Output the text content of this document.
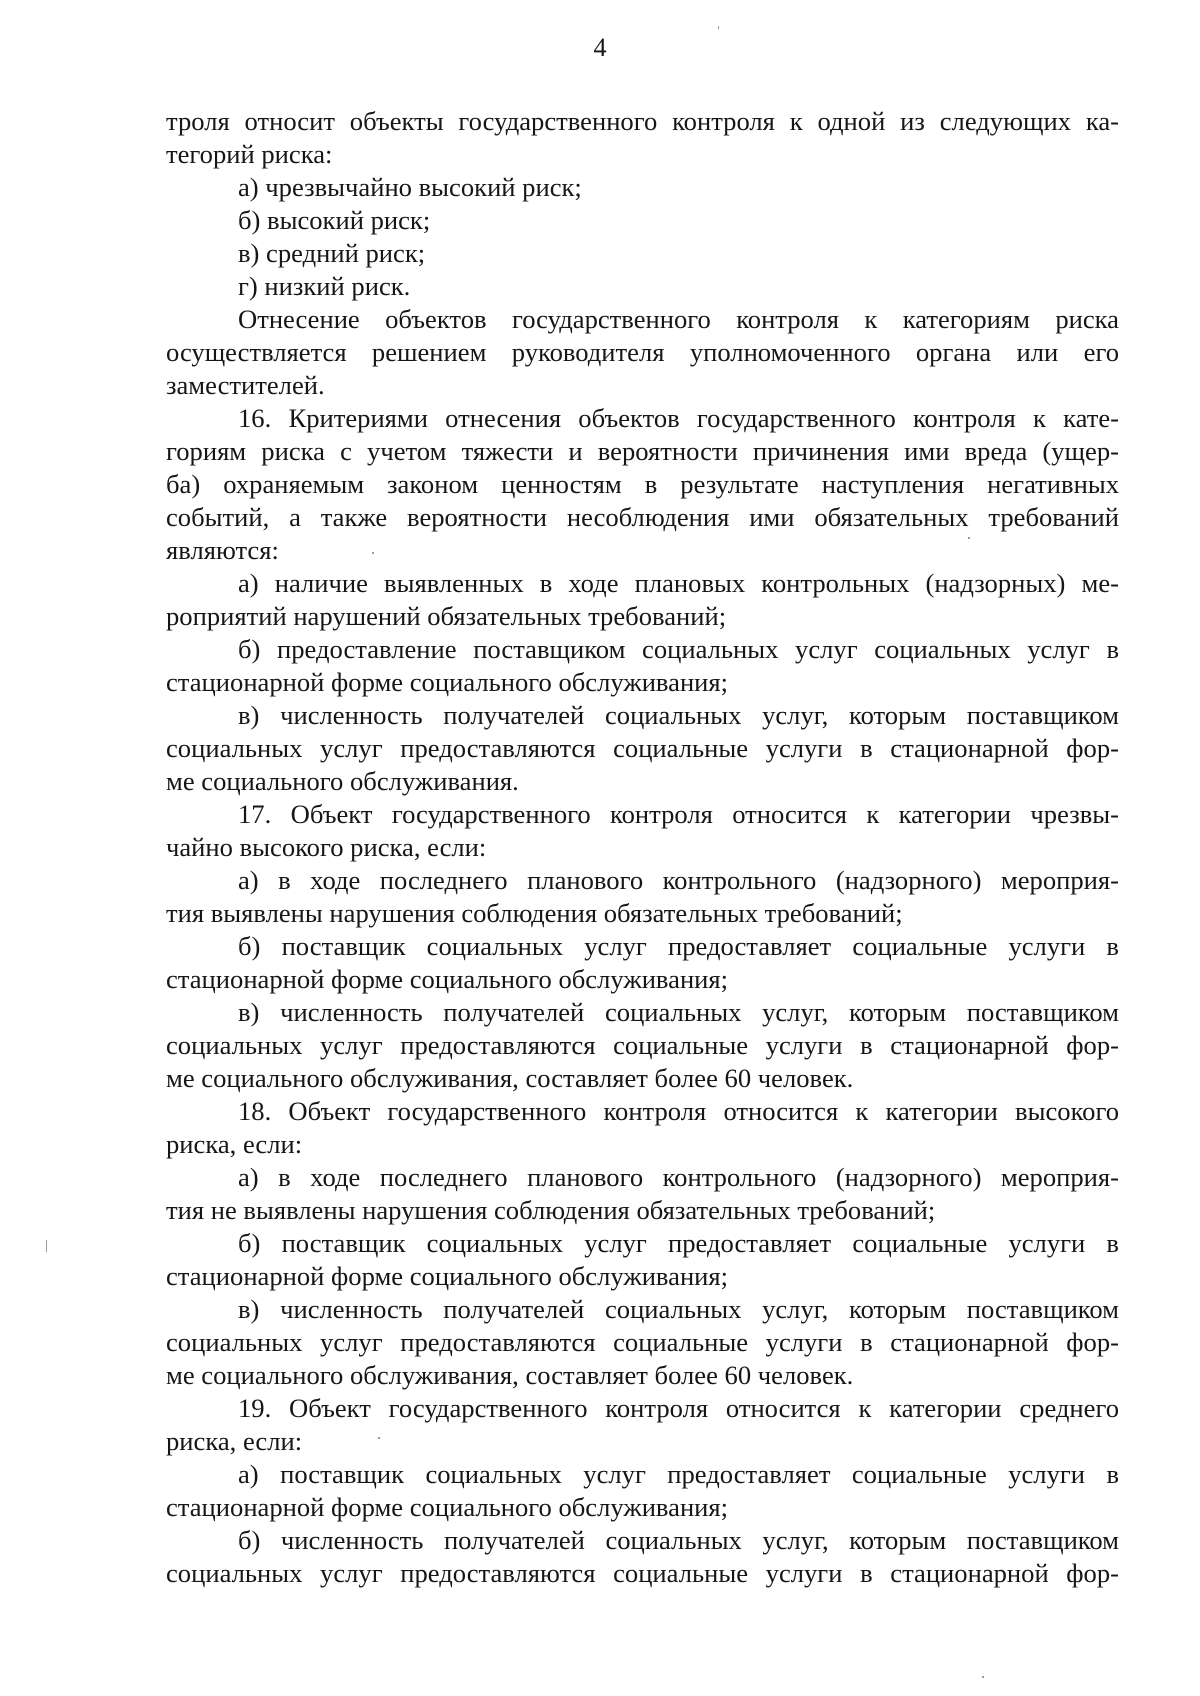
4
троля относит объекты государственного контроля к одной из следующих ка-
тегорий риска:
а) чрезвычайно высокий риск;
б) высокий риск;
в) средний риск;
г) низкий риск.
Отнесение объектов государственного контроля к категориям риска
осуществляется решением руководителя уполномоченного органа или его
заместителей.
16. Критериями отнесения объектов государственного контроля к кате-
гориям риска с учетом тяжести и вероятности причинения ими вреда (ущер-
ба) охраняемым законом ценностям в результате наступления негативных
событий, а также вероятности несоблюдения ими обязательных требований
являются:
а) наличие выявленных в ходе плановых контрольных (надзорных) ме-
роприятий нарушений обязательных требований;
б) предоставление поставщиком социальных услуг социальных услуг в
стационарной форме социального обслуживания;
в) численность получателей социальных услуг, которым поставщиком
социальных услуг предоставляются социальные услуги в стационарной фор-
ме социального обслуживания.
17. Объект государственного контроля относится к категории чрезвы-
чайно высокого риска, если:
а) в ходе последнего планового контрольного (надзорного) мероприя-
тия выявлены нарушения соблюдения обязательных требований;
б) поставщик социальных услуг предоставляет социальные услуги в
стационарной форме социального обслуживания;
в) численность получателей социальных услуг, которым поставщиком
социальных услуг предоставляются социальные услуги в стационарной фор-
ме социального обслуживания, составляет более 60 человек.
18. Объект государственного контроля относится к категории высокого
риска, если:
а) в ходе последнего планового контрольного (надзорного) мероприя-
тия не выявлены нарушения соблюдения обязательных требований;
б) поставщик социальных услуг предоставляет социальные услуги в
стационарной форме социального обслуживания;
в) численность получателей социальных услуг, которым поставщиком
социальных услуг предоставляются социальные услуги в стационарной фор-
ме социального обслуживания, составляет более 60 человек.
19. Объект государственного контроля относится к категории среднего
риска, если:
а) поставщик социальных услуг предоставляет социальные услуги в
стационарной форме социального обслуживания;
б) численность получателей социальных услуг, которым поставщиком
социальных услуг предоставляются социальные услуги в стационарной фор-
